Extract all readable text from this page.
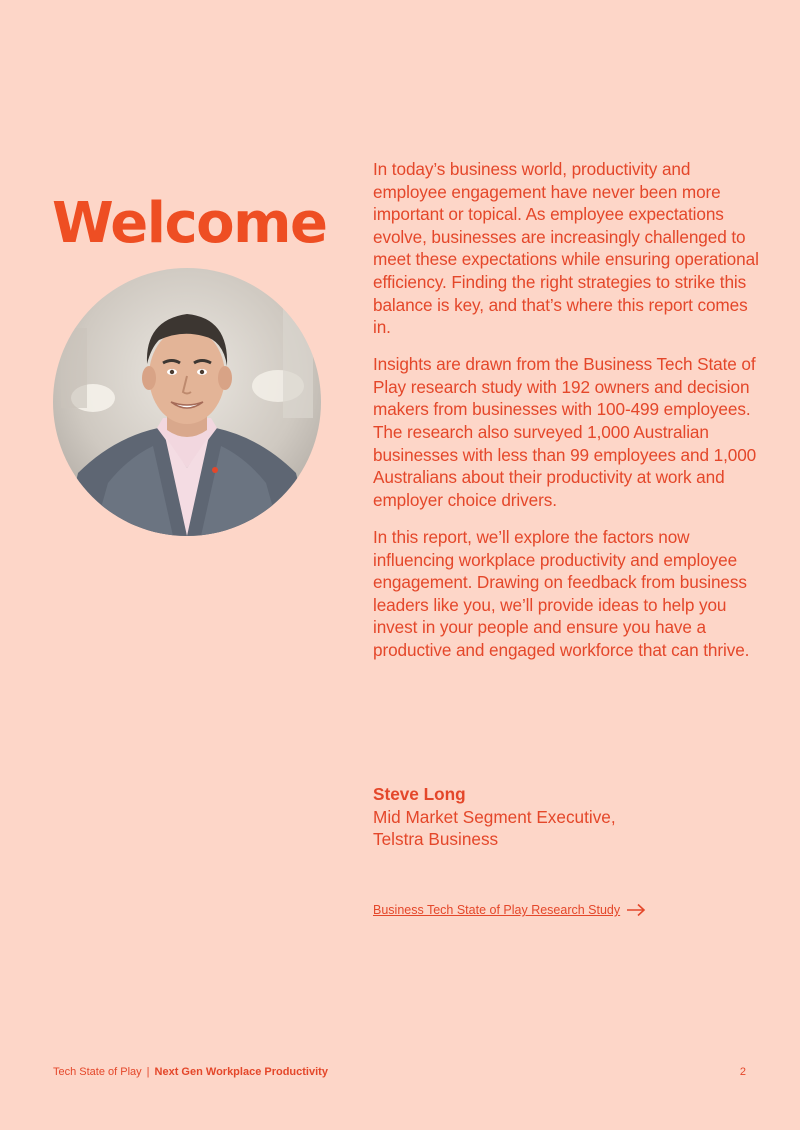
Welcome

In today’s business world, productivity and employee engagement have never been more important or topical. As employee expectations evolve, businesses are increasingly challenged to meet these expectations while ensuring operational efficiency. Finding the right strategies to strike this balance is key, and that’s where this report comes in.

Insights are drawn from the Business Tech State of Play research study with 192 owners and decision makers from businesses with 100-499 employees. The research also surveyed 1,000 Australian businesses with less than 99 employees and 1,000 Australians about their productivity at work and employer choice drivers.

In this report, we’ll explore the factors now influencing workplace productivity and employee engagement. Drawing on feedback from business leaders like you, we’ll provide ideas to help you invest in your people and ensure you have a productive and engaged workforce that can thrive.

Steve Long
Mid Market Segment Executive,
Telstra Business
Business Tech State of Play Research Study
Tech State of Play | Next Gen Workplace Productivity	2
